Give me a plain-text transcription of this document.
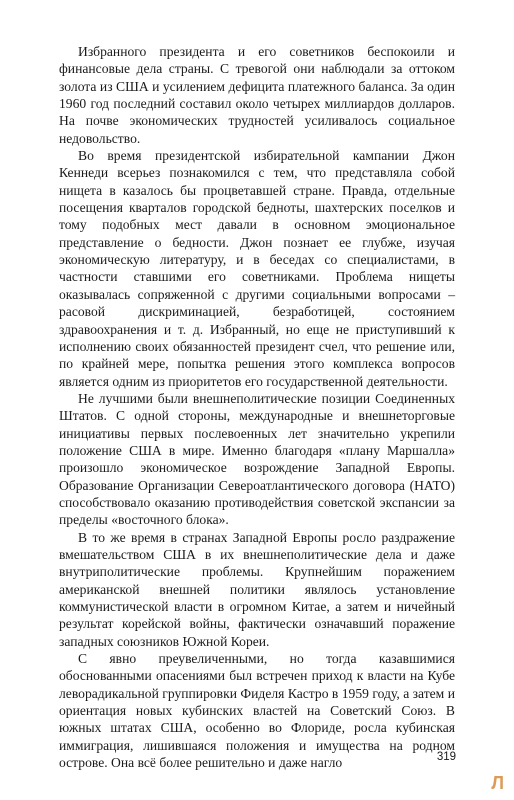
Избранного президента и его советников беспокоили и финансовые дела страны. С тревогой они наблюдали за оттоком золота из США и усилением дефицита платежного баланса. За один 1960 год последний составил около четырех миллиардов долларов. На почве экономических трудностей усиливалось социальное недовольство.

Во время президентской избирательной кампании Джон Кеннеди всерьез познакомился с тем, что представляла собой нищета в казалось бы процветавшей стране. Правда, отдельные посещения кварталов городской бедноты, шахтерских поселков и тому подобных мест давали в основном эмоциональное представление о бедности. Джон познает ее глубже, изучая экономическую литературу, и в беседах со специалистами, в частности ставшими его советниками. Проблема нищеты оказывалась сопряженной с другими социальными вопросами – расовой дискриминацией, безработицей, состоянием здравоохранения и т. д. Избранный, но еще не приступивший к исполнению своих обязанностей президент счел, что решение или, по крайней мере, попытка решения этого комплекса вопросов является одним из приоритетов его государственной деятельности.

Не лучшими были внешнеполитические позиции Соединенных Штатов. С одной стороны, международные и внешнеторговые инициативы первых послевоенных лет значительно укрепили положение США в мире. Именно благодаря «плану Маршалла» произошло экономическое возрождение Западной Европы. Образование Организации Североатлантического договора (НАТО) способствовало оказанию противодействия советской экспансии за пределы «восточного блока».

В то же время в странах Западной Европы росло раздражение вмешательством США в их внешнеполитические дела и даже внутриполитические проблемы. Крупнейшим поражением американской внешней политики являлось установление коммунистической власти в огромном Китае, а затем и ничейный результат корейской войны, фактически означавший поражение западных союзников Южной Кореи.

С явно преувеличенными, но тогда казавшимися обоснованными опасениями был встречен приход к власти на Кубе леворадикальной группировки Фиделя Кастро в 1959 году, а затем и ориентация новых кубинских властей на Советский Союз. В южных штатах США, особенно во Флориде, росла кубинская иммиграция, лишившаяся положения и имущества на родном острове. Она всё более решительно и даже нагло	319
Л
